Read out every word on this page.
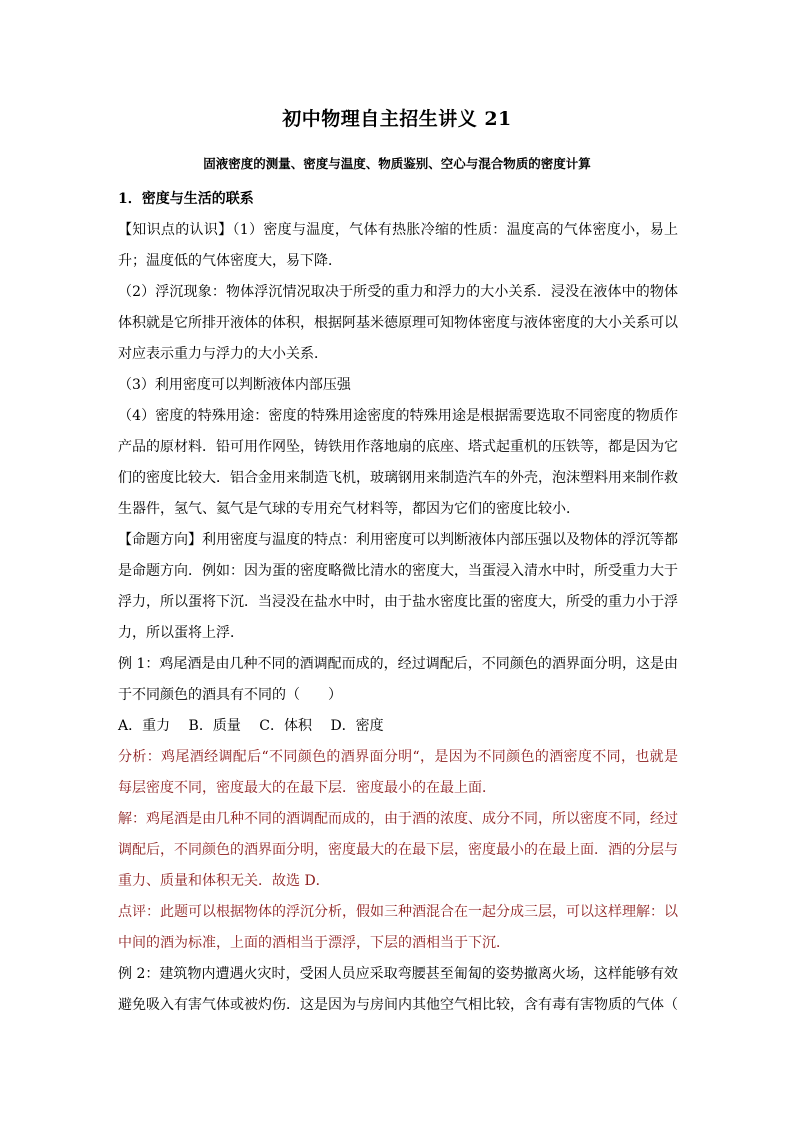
初中物理自主招生讲义 21
固液密度的测量、密度与温度、物质鉴别、空心与混合物质的密度计算
1．密度与生活的联系
【知识点的认识】（1）密度与温度，气体有热胀冷缩的性质：温度高的气体密度小，易上
升；温度低的气体密度大，易下降．
（2）浮沉现象：物体浮沉情况取决于所受的重力和浮力的大小关系．浸没在液体中的物体
体积就是它所排开液体的体积，根据阿基米德原理可知物体密度与液体密度的大小关系可以
对应表示重力与浮力的大小关系．
（3）利用密度可以判断液体内部压强
（4）密度的特殊用途：密度的特殊用途密度的特殊用途是根据需要选取不同密度的物质作
产品的原材料．铅可用作网坠，铸铁用作落地扇的底座、塔式起重机的压铁等，都是因为它
们的密度比较大．铝合金用来制造飞机，玻璃钢用来制造汽车的外壳，泡沫塑料用来制作救
生器件，氢气、氦气是气球的专用充气材料等，都因为它们的密度比较小．
【命题方向】利用密度与温度的特点：利用密度可以判断液体内部压强以及物体的浮沉等都
是命题方向．例如：因为蛋的密度略微比清水的密度大，当蛋浸入清水中时，所受重力大于
浮力，所以蛋将下沉．当浸没在盐水中时，由于盐水密度比蛋的密度大，所受的重力小于浮
力，所以蛋将上浮．
例 1：鸡尾酒是由几种不同的酒调配而成的，经过调配后，不同颜色的酒界面分明，这是由
于不同颜色的酒具有不同的（　　）
A．重力　 B．质量　 C．体积　 D．密度
分析：鸡尾酒经调配后“不同颜色的酒界面分明“，是因为不同颜色的酒密度不同，也就是
每层密度不同，密度最大的在最下层．密度最小的在最上面．
解：鸡尾酒是由几种不同的酒调配而成的，由于酒的浓度、成分不同，所以密度不同，经过
调配后，不同颜色的酒界面分明，密度最大的在最下层，密度最小的在最上面．酒的分层与
重力、质量和体积无关．故选 D．
点评：此题可以根据物体的浮沉分析，假如三种酒混合在一起分成三层，可以这样理解：以
中间的酒为标准，上面的酒相当于漂浮，下层的酒相当于下沉．
例 2：建筑物内遭遇火灾时，受困人员应采取弯腰甚至匍匐的姿势撤离火场，这样能够有效
避免吸入有害气体或被灼伤．这是因为与房间内其他空气相比较，含有毒有害物质的气体（
